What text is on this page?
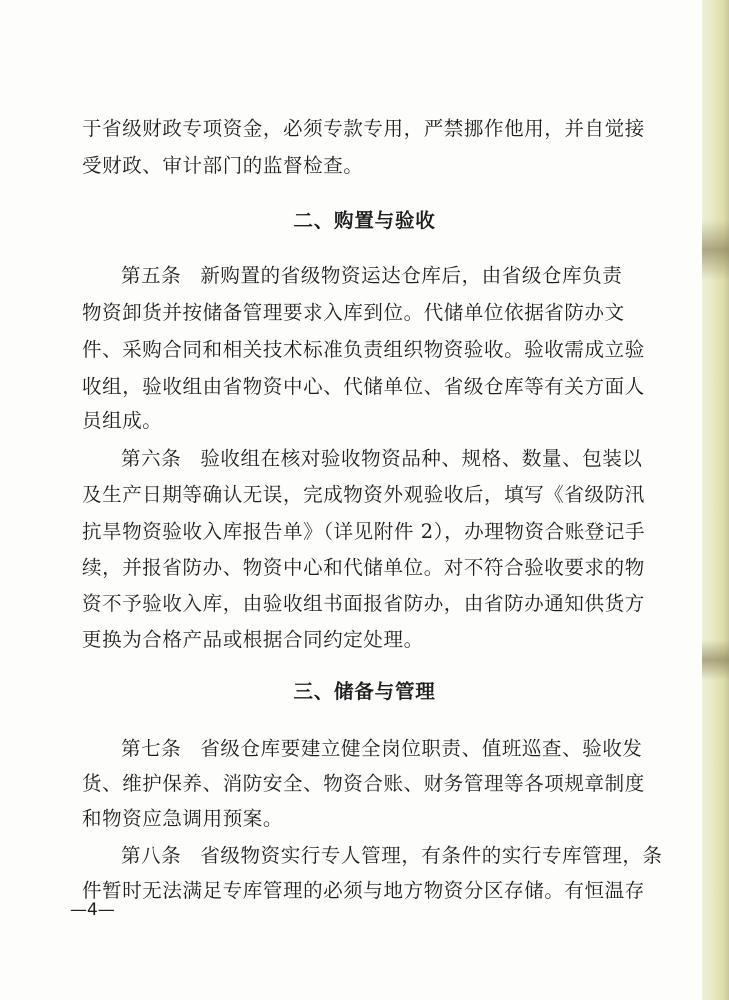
于省级财政专项资金，必须专款专用，严禁挪作他用，并自觉接
受财政、审计部门的监督检查。
二、购置与验收
第五条 新购置的省级物资运达仓库后，由省级仓库负责
物资卸货并按储备管理要求入库到位。代储单位依据省防办文
件、采购合同和相关技术标准负责组织物资验收。验收需成立验
收组，验收组由省物资中心、代储单位、省级仓库等有关方面人
员组成。
第六条 验收组在核对验收物资品种、规格、数量、包装以
及生产日期等确认无误，完成物资外观验收后，填写《省级防汛
抗旱物资验收入库报告单》（详见附件 2），办理物资合账登记手
续，并报省防办、物资中心和代储单位。对不符合验收要求的物
资不予验收入库，由验收组书面报省防办，由省防办通知供货方
更换为合格产品或根据合同约定处理。
三、储备与管理
第七条 省级仓库要建立健全岗位职责、值班巡查、验收发
货、维护保养、消防安全、物资合账、财务管理等各项规章制度
和物资应急调用预案。
第八条 省级物资实行专人管理，有条件的实行专库管理，条
件暂时无法满足专库管理的必须与地方物资分区存储。有恒温存
—4—
